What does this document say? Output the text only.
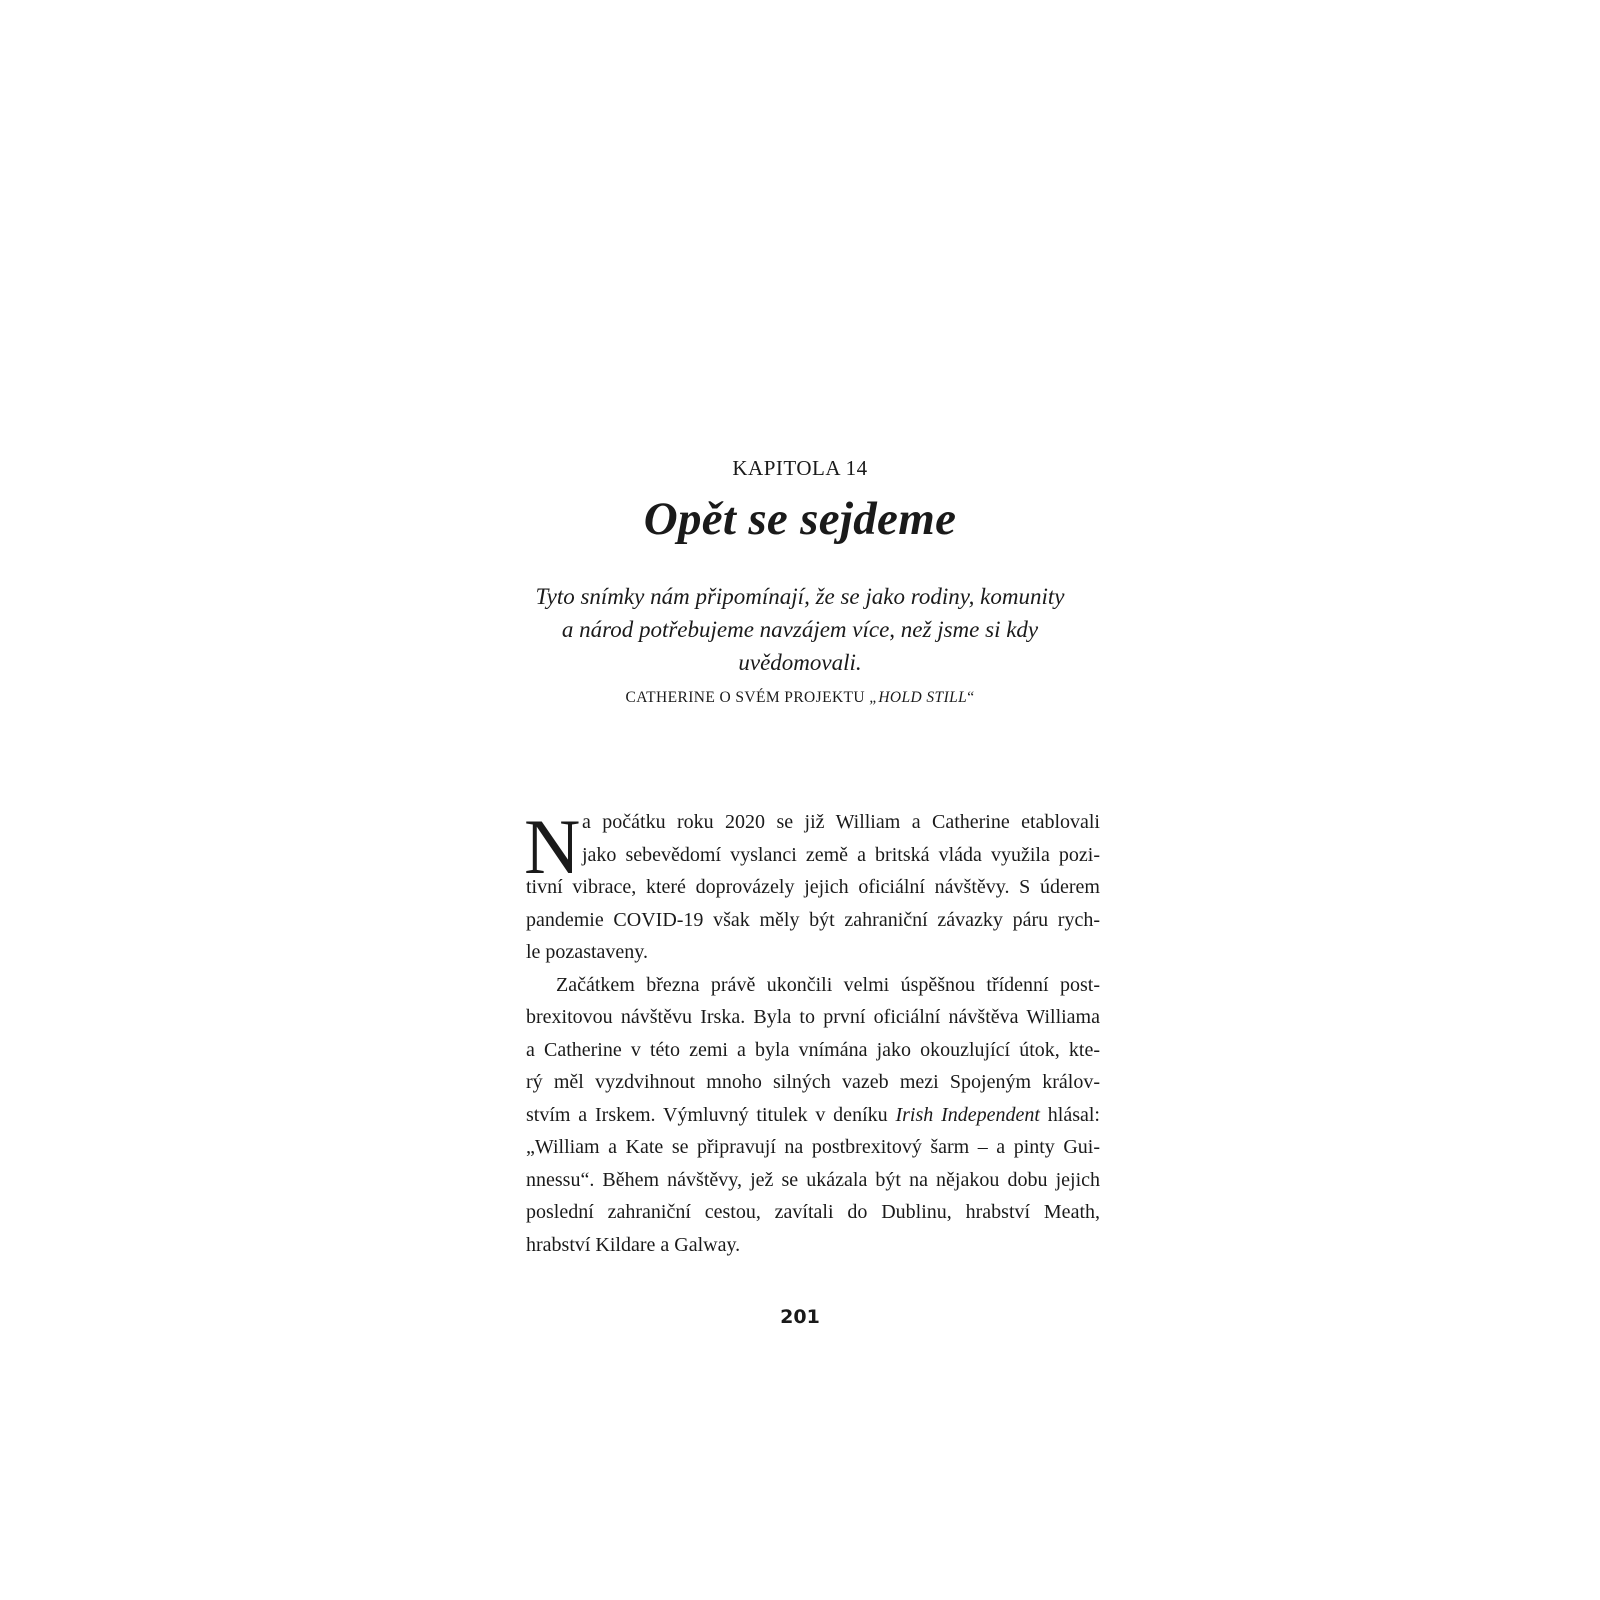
KAPITOLA 14
Opět se sejdeme
Tyto snímky nám připomínají, že se jako rodiny, komunity
a národ potřebujeme navzájem více, než jsme si kdy
uvědomovali.
CATHERINE O SVÉM PROJEKTU „HOLD STILL“
N a počátku roku 2020 se již William a Catherine etablovali
jako sebevědomí vyslanci země a britská vláda využila pozi-
tivní vibrace, které doprovázely jejich oficiální návštěvy. S úderem
pandemie COVID-19 však měly být zahraniční závazky páru rych-
le pozastaveny.
Začátkem března právě ukončili velmi úspěšnou třídenní post-
brexitovou návštěvu Irska. Byla to první oficiální návštěva Williama
a Catherine v této zemi a byla vnímána jako okouzlující útok, kte-
rý měl vyzdvihnout mnoho silných vazeb mezi Spojeným králov-
stvím a Irskem. Výmluvný titulek v deníku Irish Independent hlásal:
„William a Kate se připravují na postbrexitový šarm – a pinty Gui-
nnessu“. Během návštěvy, jež se ukázala být na nějakou dobu jejich
poslední zahraniční cestou, zavítali do Dublinu, hrabství Meath,
hrabství Kildare a Galway.
201
